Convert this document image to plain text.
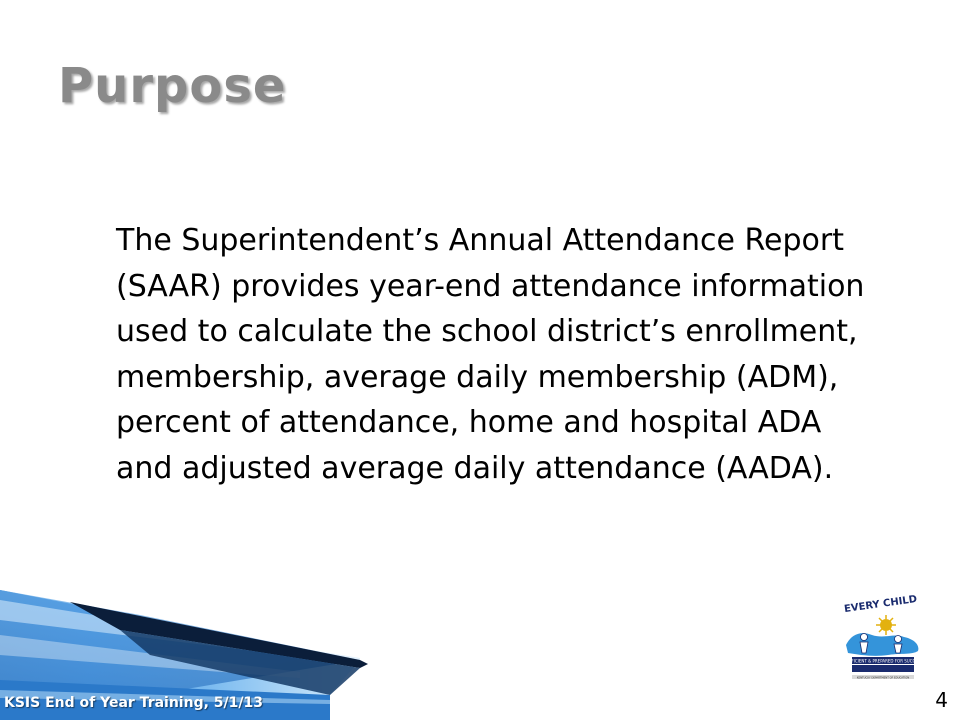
Purpose

The Superintendent’s Annual Attendance Report (SAAR) provides year-end attendance information used to calculate the school district’s enrollment, membership, average daily membership (ADM), percent of attendance, home and hospital ADA and adjusted average daily attendance (AADA).

KSIS End of Year Training, 5/1/13
EVERY CHILD
PROFICIENT & PREPARED FOR SUCCESS
KENTUCKY DEPARTMENT OF EDUCATION
4
